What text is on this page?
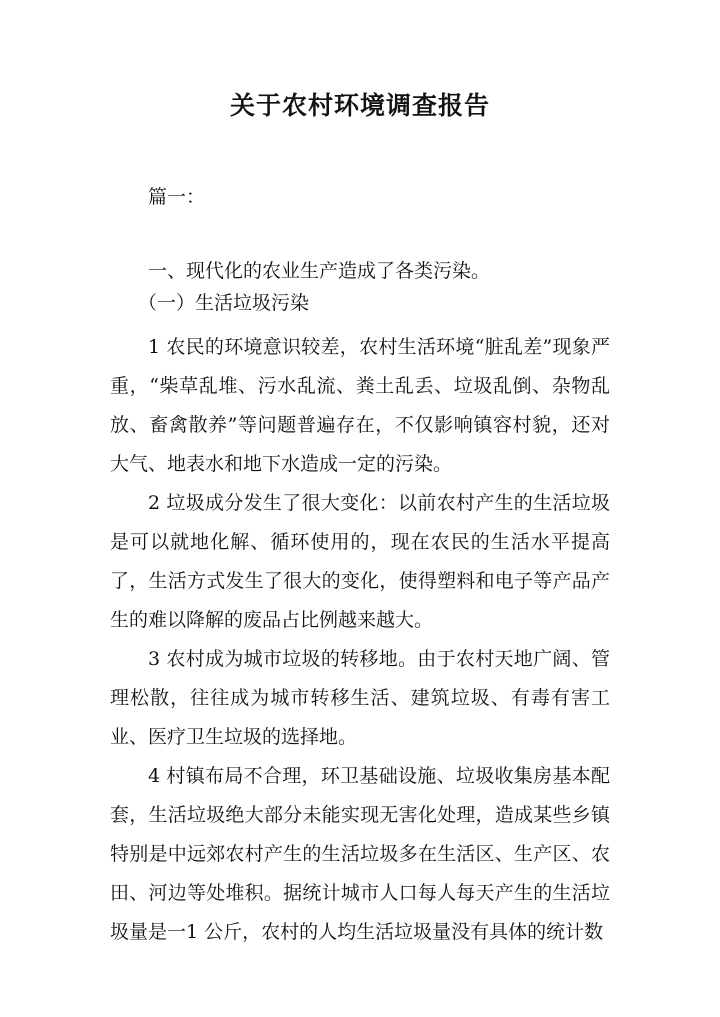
关于农村环境调查报告
篇一：
一、现代化的农业生产造成了各类污染。
（一）生活垃圾污染

1 农民的环境意识较差，农村生活环境“脏乱差”现象严重，“柴草乱堆、污水乱流、粪土乱丢、垃圾乱倒、杂物乱放、畜禽散养”等问题普遍存在，不仅影响镇容村貌，还对大气、地表水和地下水造成一定的污染。

2 垃圾成分发生了很大变化：以前农村产生的生活垃圾是可以就地化解、循环使用的，现在农民的生活水平提高了，生活方式发生了很大的变化，使得塑料和电子等产品产生的难以降解的废品占比例越来越大。

3 农村成为城市垃圾的转移地。由于农村天地广阔、管理松散，往往成为城市转移生活、建筑垃圾、有毒有害工业、医疗卫生垃圾的选择地。

4 村镇布局不合理，环卫基础设施、垃圾收集房基本配套，生活垃圾绝大部分未能实现无害化处理，造成某些乡镇特别是中远郊农村产生的生活垃圾多在生活区、生产区、农田、河边等处堆积。据统计城市人口每人每天产生的生活垃圾量是一1 公斤，农村的人均生活垃圾量没有具体的统计数
